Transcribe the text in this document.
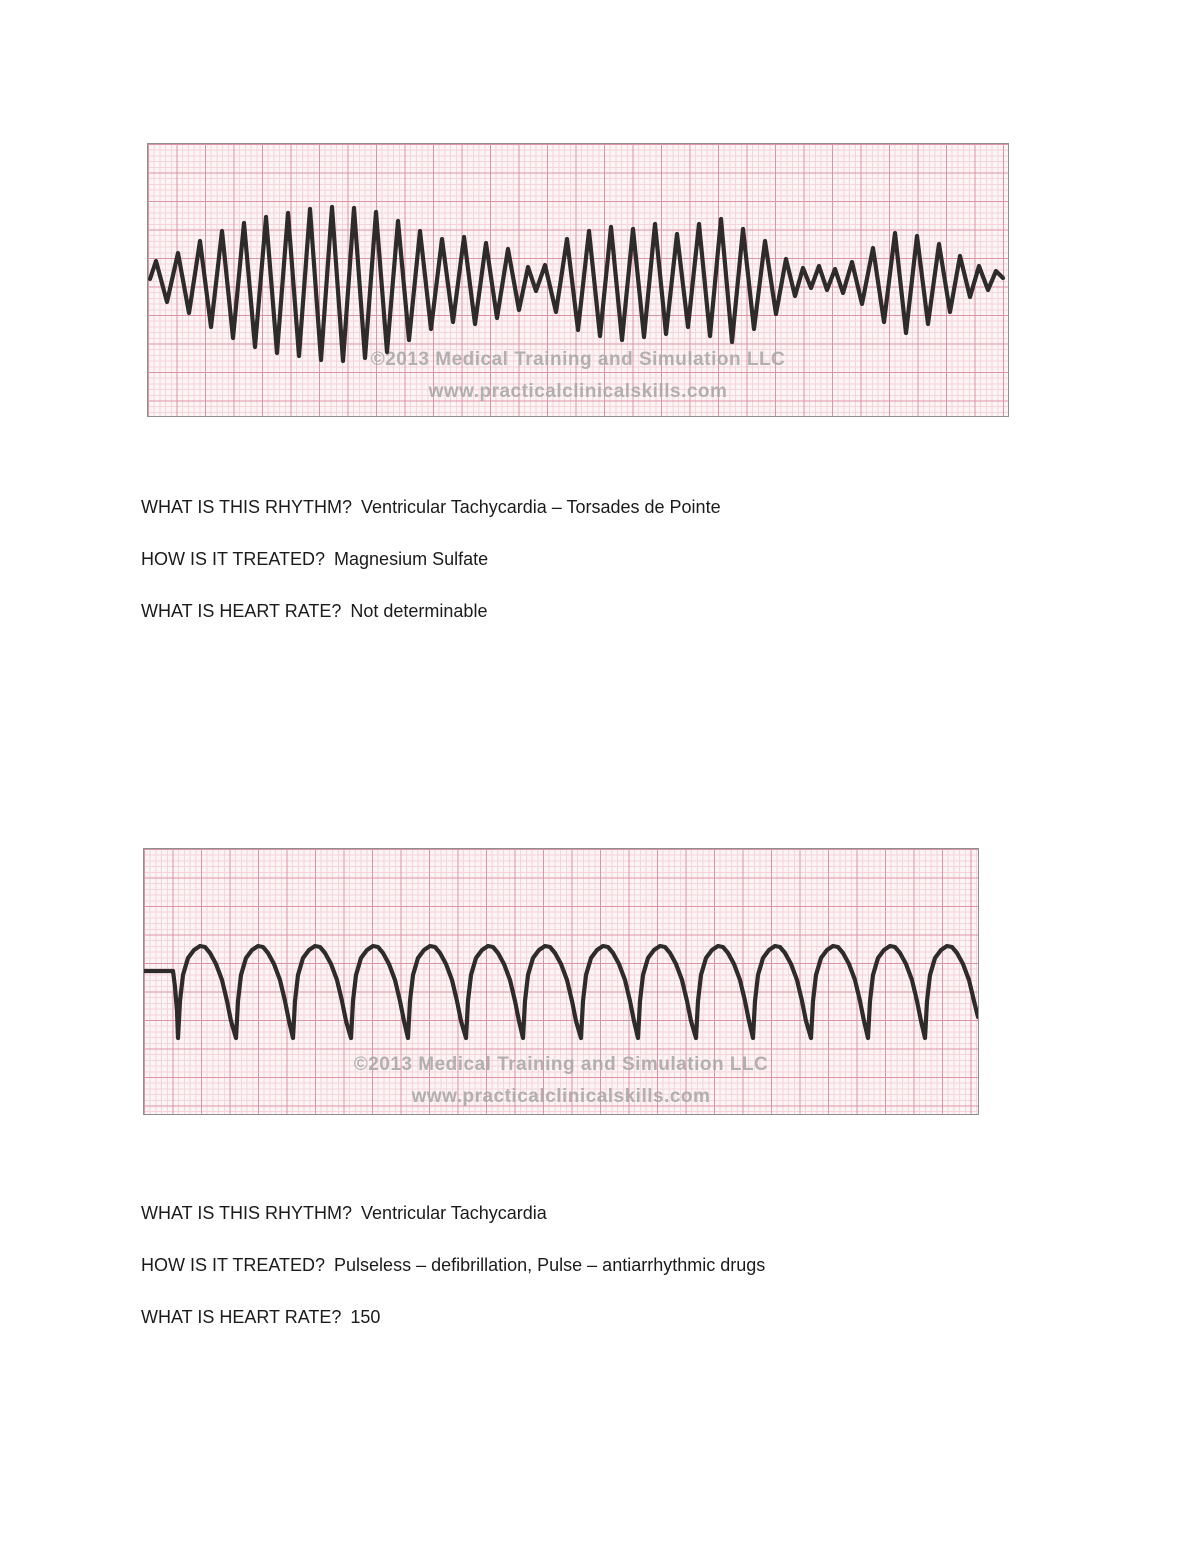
©2013 Medical Training and Simulation LLC
www.practicalclinicalskills.com
WHAT IS THIS RHYTHM? Ventricular Tachycardia – Torsades de Pointe
HOW IS IT TREATED? Magnesium Sulfate
WHAT IS HEART RATE? Not determinable
©2013 Medical Training and Simulation LLC
www.practicalclinicalskills.com
WHAT IS THIS RHYTHM? Ventricular Tachycardia
HOW IS IT TREATED? Pulseless – defibrillation, Pulse – antiarrhythmic drugs
WHAT IS HEART RATE? 150
